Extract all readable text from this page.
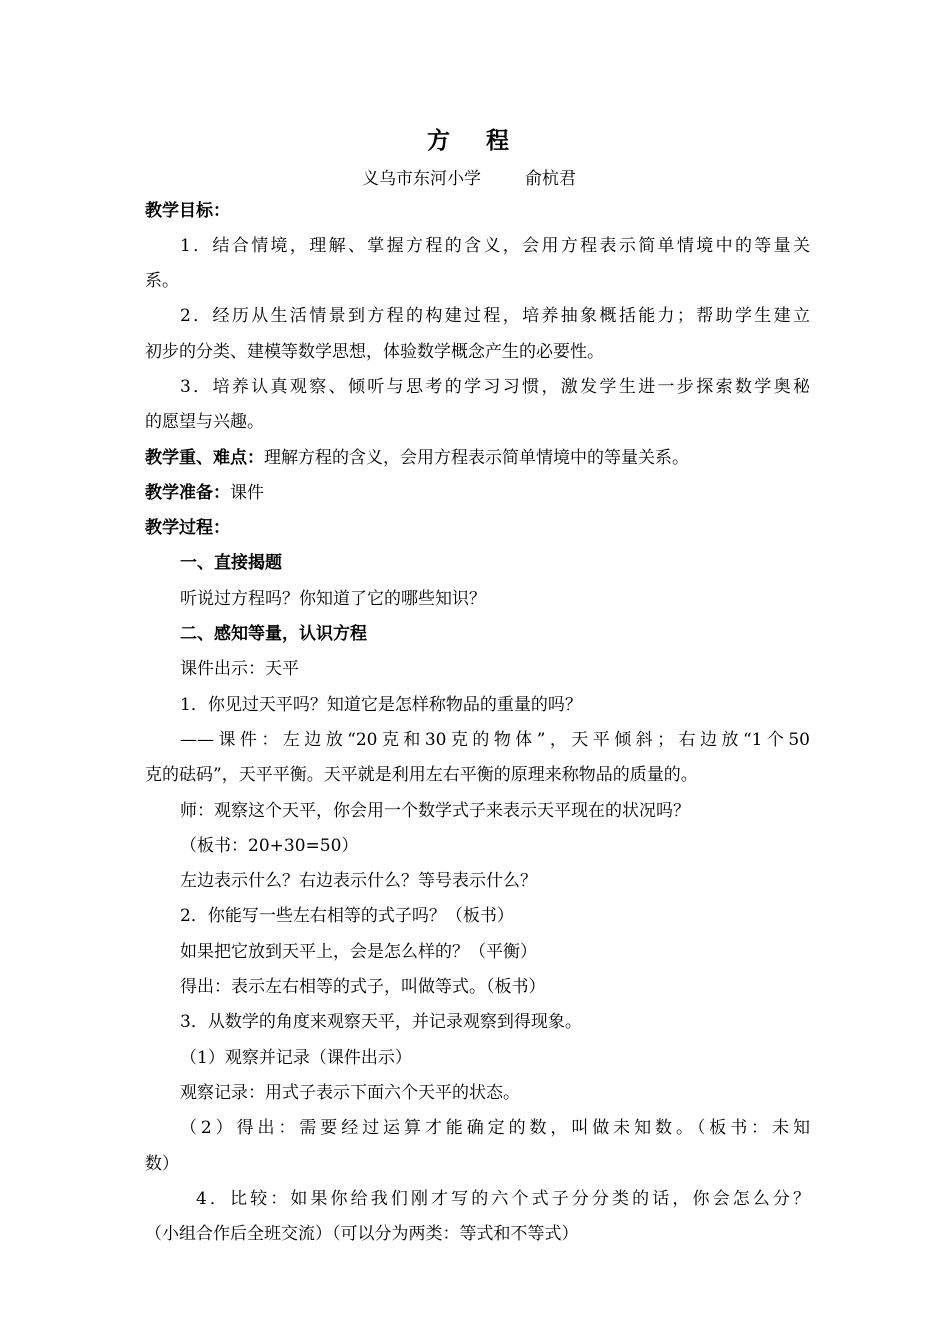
方 程
义乌市东河小学	俞杭君
教学目标：
1．结合情境，理解、掌握方程的含义，会用方程表示简单情境中的等量关
系。
2．经历从生活情景到方程的构建过程，培养抽象概括能力；帮助学生建立
初步的分类、建模等数学思想，体验数学概念产生的必要性。
3．培养认真观察、倾听与思考的学习习惯，激发学生进一步探索数学奥秘
的愿望与兴趣。
教学重、难点：理解方程的含义，会用方程表示简单情境中的等量关系。
教学准备：课件
教学过程：
一、直接揭题
听说过方程吗？你知道了它的哪些知识？
二、感知等量，认识方程
课件出示：天平
1．你见过天平吗？知道它是怎样称物品的重量的吗？
——课件：左边放“20克和30克的物体”，天平倾斜；右边放“1个50
克的砝码”，天平平衡。天平就是利用左右平衡的原理来称物品的质量的。
师：观察这个天平，你会用一个数学式子来表示天平现在的状况吗？
（板书：20+30=50）
左边表示什么？右边表示什么？等号表示什么？
2．你能写一些左右相等的式子吗？（板书）
如果把它放到天平上，会是怎么样的？（平衡）
得出：表示左右相等的式子，叫做等式。（板书）
3．从数学的角度来观察天平，并记录观察到得现象。
（1）观察并记录（课件出示）
观察记录：用式子表示下面六个天平的状态。
（2）得出：需要经过运算才能确定的数，叫做未知数。（板书：未知
数）
4．比较：如果你给我们刚才写的六个式子分分类的话，你会怎么分？
（小组合作后全班交流）（可以分为两类：等式和不等式）
